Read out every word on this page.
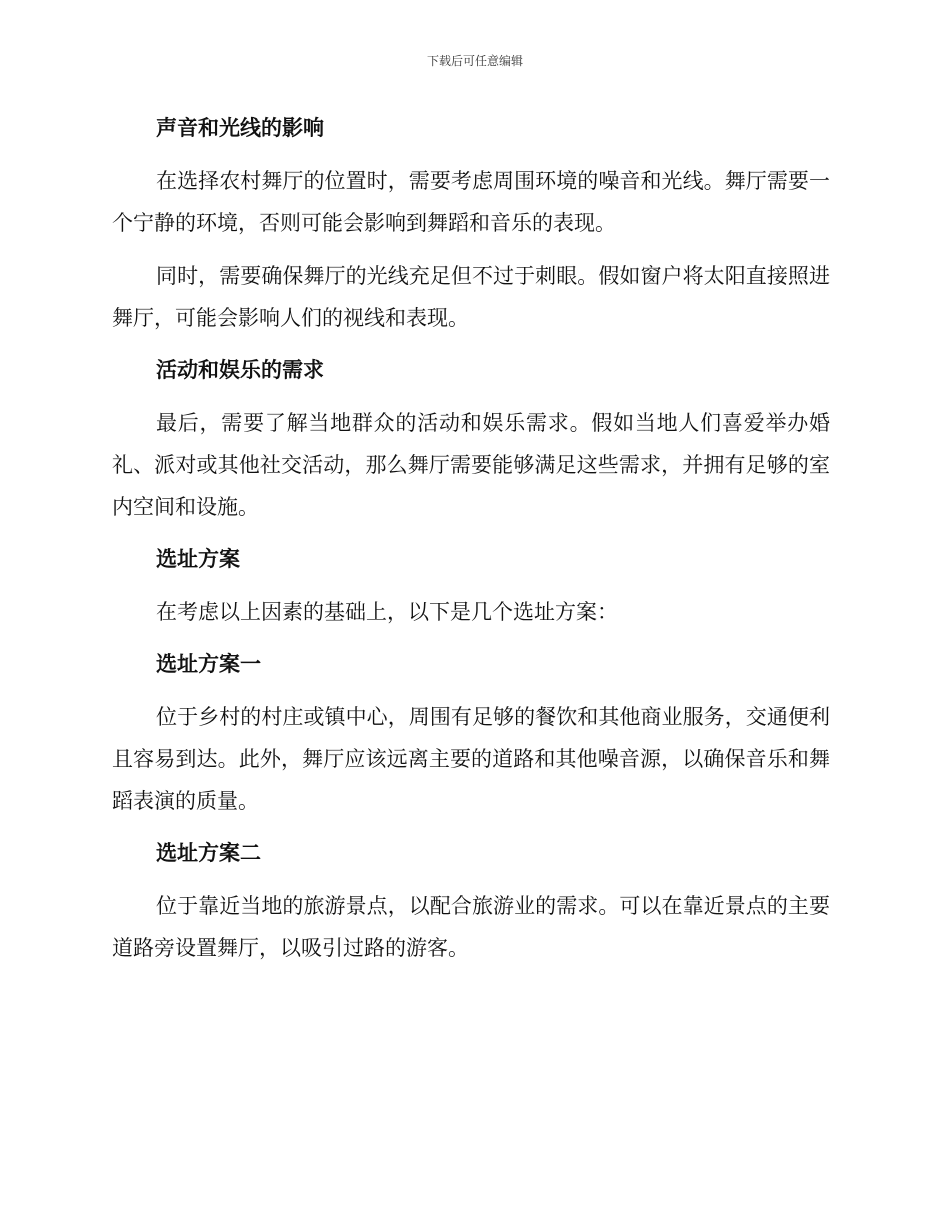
下载后可任意编辑
声音和光线的影响

在选择农村舞厅的位置时，需要考虑周围环境的噪音和光线。舞厅需要一个宁静的环境，否则可能会影响到舞蹈和音乐的表现。

同时，需要确保舞厅的光线充足但不过于刺眼。假如窗户将太阳直接照进舞厅，可能会影响人们的视线和表现。

活动和娱乐的需求

最后，需要了解当地群众的活动和娱乐需求。假如当地人们喜爱举办婚礼、派对或其他社交活动，那么舞厅需要能够满足这些需求，并拥有足够的室内空间和设施。

选址方案

在考虑以上因素的基础上，以下是几个选址方案：

选址方案一

位于乡村的村庄或镇中心，周围有足够的餐饮和其他商业服务，交通便利且容易到达。此外，舞厅应该远离主要的道路和其他噪音源，以确保音乐和舞蹈表演的质量。

选址方案二

位于靠近当地的旅游景点，以配合旅游业的需求。可以在靠近景点的主要道路旁设置舞厅，以吸引过路的游客。
